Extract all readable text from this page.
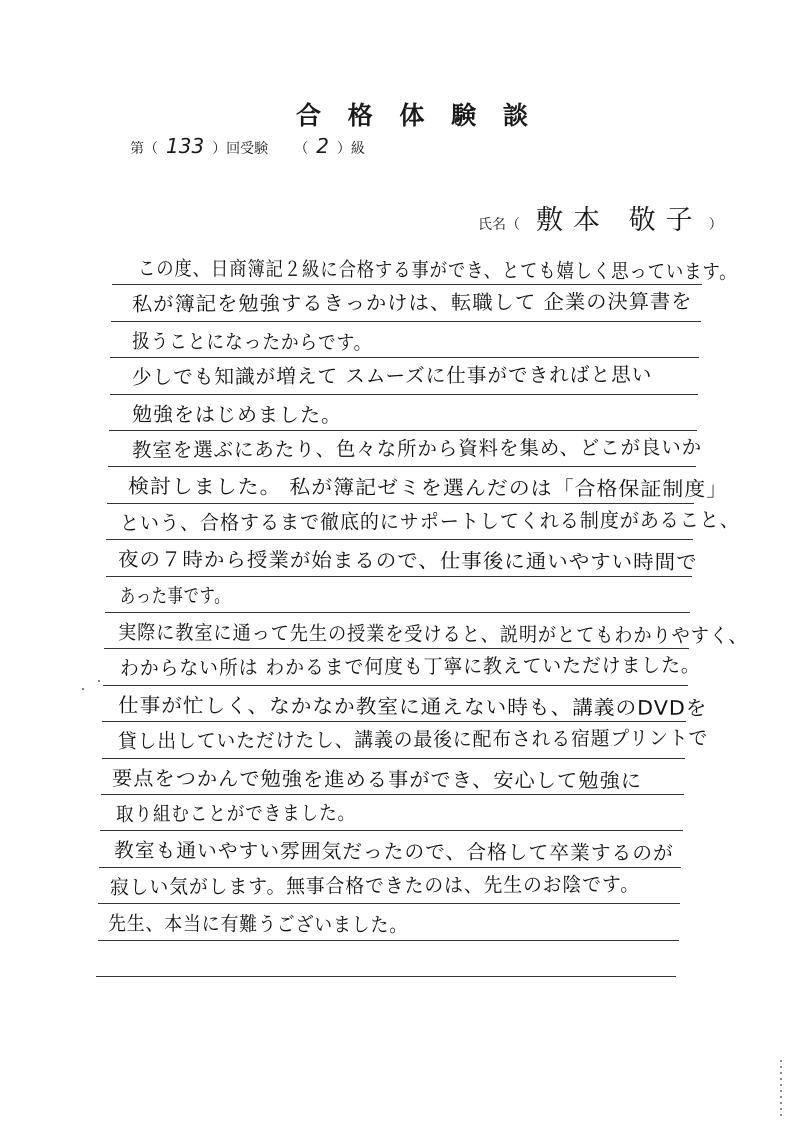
合 格 体 験 談
第（ 133 ）回受験 （ 2 ）級
氏名（ 敷本 敬子 ）
この度、日商簿記２級に合格する事ができ、とても嬉しく思っています。
私が簿記を勉強するきっかけは、転職して 企業の決算書を
扱うことになったからです。
少しでも知識が増えて スムーズに仕事ができればと思い
勉強をはじめました。
教室を選ぶにあたり、色々な所から資料を集め、どこが良いか
検討しました。 私が簿記ゼミを選んだのは「合格保証制度」
という、合格するまで徹底的にサポートしてくれる制度があること、
夜の７時から授業が始まるので、仕事後に通いやすい時間で
あった事です。
実際に教室に通って先生の授業を受けると、説明がとてもわかりやすく、
わからない所は わかるまで何度も丁寧に教えていただけました。
仕事が忙しく、なかなか教室に通えない時も、講義のDVDを
貸し出していただけたし、講義の最後に配布される宿題プリントで
要点をつかんで勉強を進める事ができ、安心して勉強に
取り組むことができました。
教室も通いやすい雰囲気だったので、合格して卒業するのが
寂しい気がします。無事合格できたのは、先生のお陰です。
先生、本当に有難うございました。
